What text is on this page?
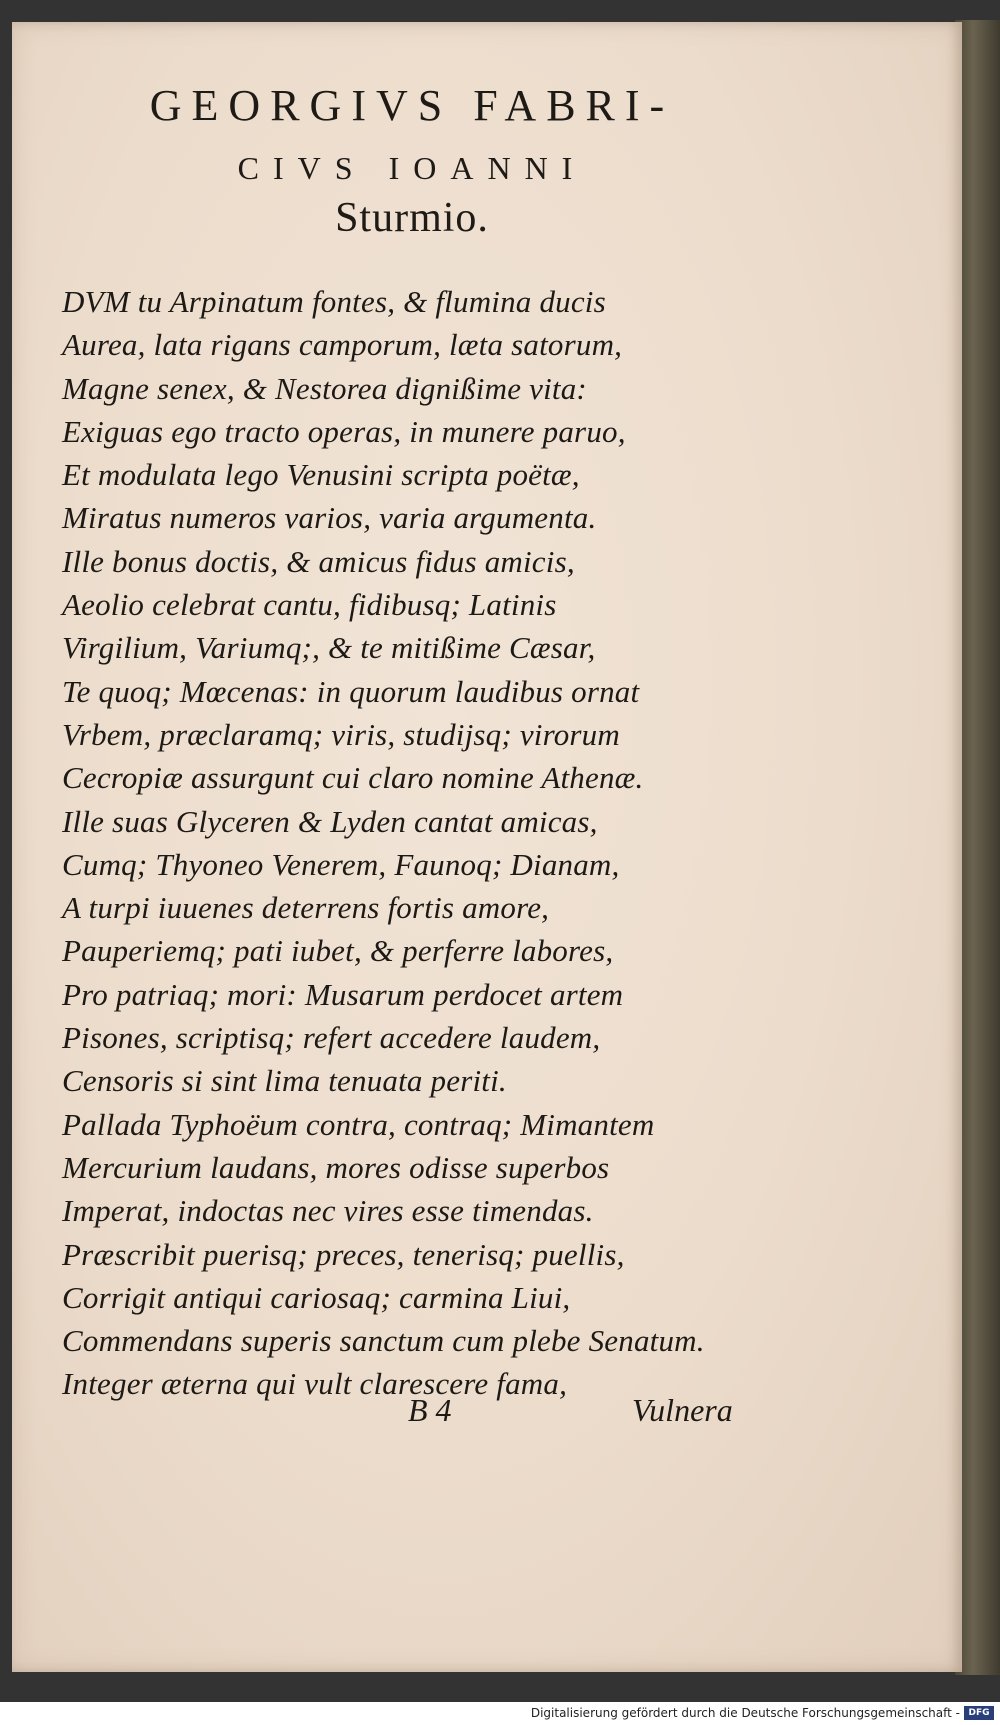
GEORGIVS FABRI-
CIVS IOANNI
Sturmio.
DVM tu Arpinatum fontes, & flumina ducis
Aurea, lata rigans camporum, læta satorum,
Magne senex, & Nestorea dignißime vita:
Exiguas ego tracto operas, in munere paruo,
Et modulata lego Venusini scripta poëtæ,
Miratus numeros varios, varia argumenta.
Ille bonus doctis, & amicus fidus amicis,
Aeolio celebrat cantu, fidibusq; Latinis
Virgilium, Variumq;, & te mitißime Cæsar,
Te quoq; Mœcenas: in quorum laudibus ornat
Vrbem, præclaramq; viris, studijsq; virorum
Cecropiæ assurgunt cui claro nomine Athenæ.
Ille suas Glyceren & Lyden cantat amicas,
Cumq; Thyoneo Venerem, Faunoq; Dianam,
A turpi iuuenes deterrens fortis amore,
Pauperiemq; pati iubet, & perferre labores,
Pro patriaq; mori: Musarum perdocet artem
Pisones, scriptisq; refert accedere laudem,
Censoris si sint lima tenuata periti.
Pallada Typhoëum contra, contraq; Mimantem
Mercurium laudans, mores odisse superbos
Imperat, indoctas nec vires esse timendas.
Præscribit puerisq; preces, tenerisq; puellis,
Corrigit antiqui cariosaq; carmina Liui,
Commendans superis sanctum cum plebe Senatum.
Integer æterna qui vult clarescere fama,
B 4	Vulnera
Digitalisierung gefördert durch die Deutsche Forschungsgemeinschaft - DFG
